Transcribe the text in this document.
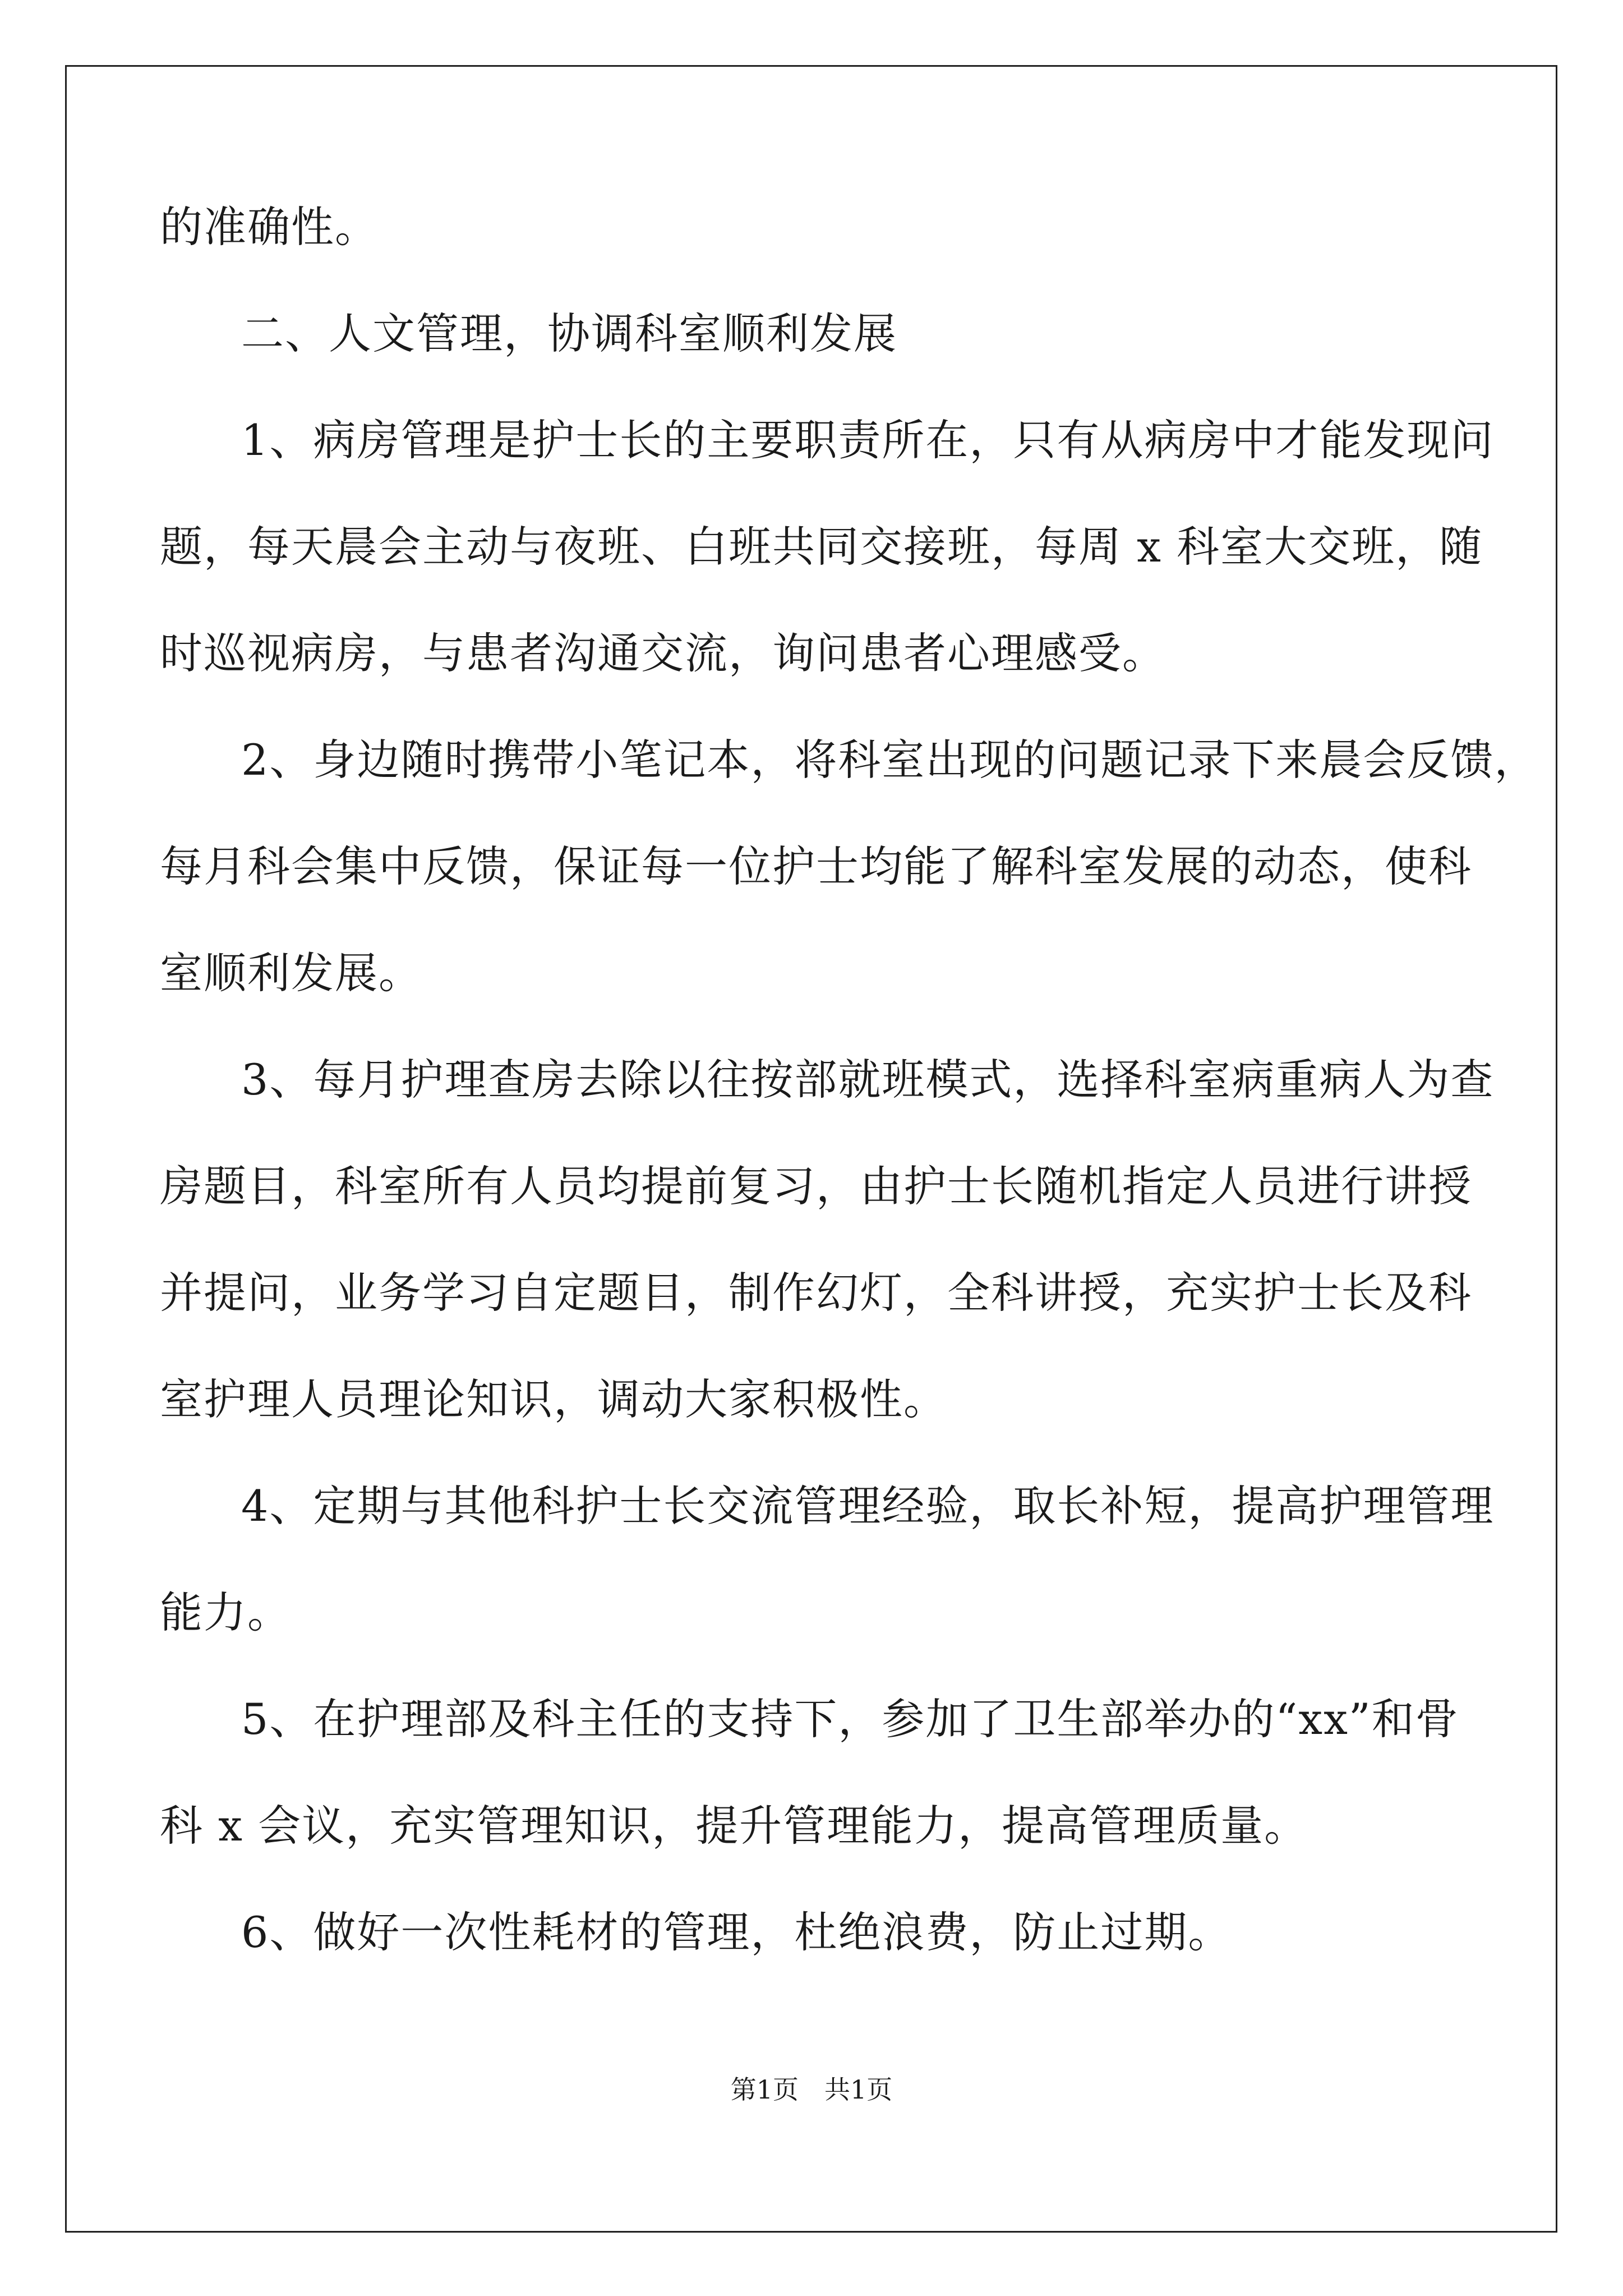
的准确性。
二、人文管理，协调科室顺利发展
1、病房管理是护士长的主要职责所在，只有从病房中才能发现问
题，每天晨会主动与夜班、白班共同交接班，每周 x 科室大交班，随
时巡视病房，与患者沟通交流，询问患者心理感受。
2、身边随时携带小笔记本，将科室出现的问题记录下来晨会反馈，
每月科会集中反馈，保证每一位护士均能了解科室发展的动态，使科
室顺利发展。
3、每月护理查房去除以往按部就班模式，选择科室病重病人为查
房题目，科室所有人员均提前复习，由护士长随机指定人员进行讲授
并提问，业务学习自定题目，制作幻灯，全科讲授，充实护士长及科
室护理人员理论知识，调动大家积极性。
4、定期与其他科护士长交流管理经验，取长补短，提高护理管理
能力。
5、在护理部及科主任的支持下，参加了卫生部举办的“xx”和骨
科 x 会议，充实管理知识，提升管理能力，提高管理质量。
6、做好一次性耗材的管理，杜绝浪费，防止过期。
第1页　共1页
